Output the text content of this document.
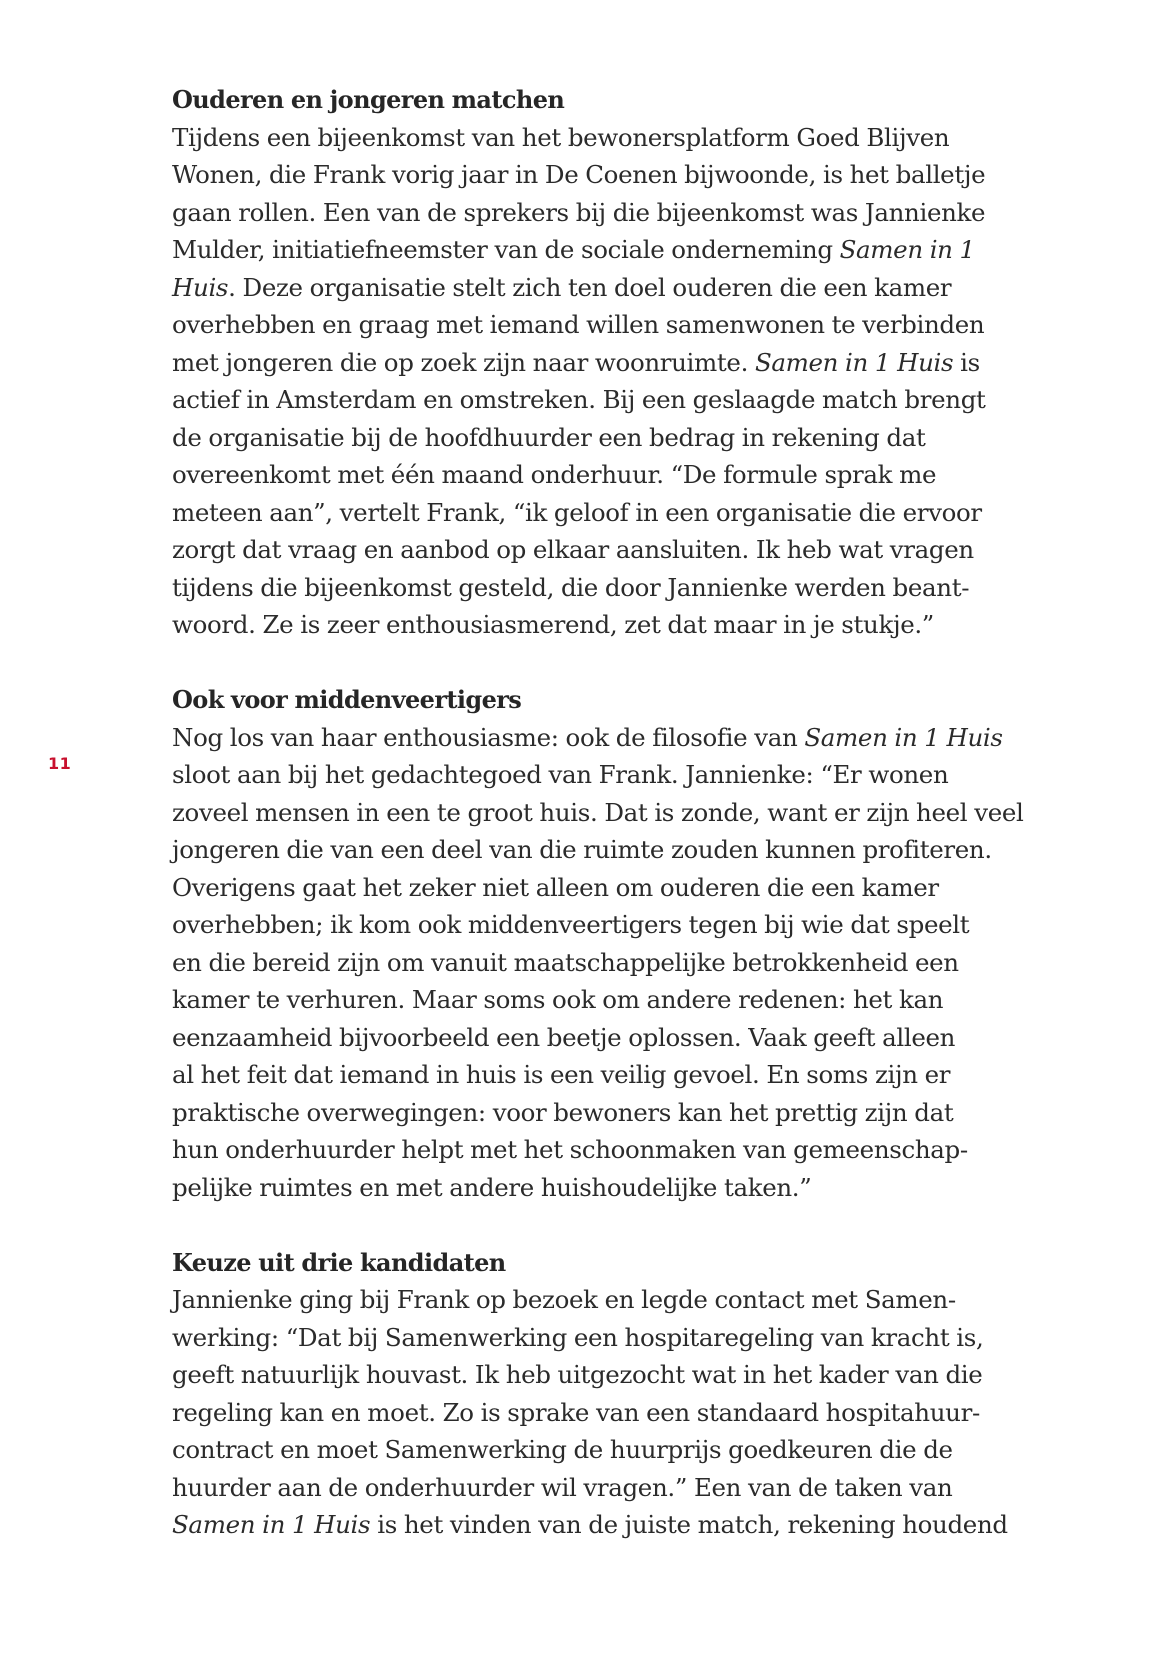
11
Ouderen en jongeren matchen
Tijdens een bijeenkomst van het bewonersplatform Goed Blijven
Wonen, die Frank vorig jaar in De Coenen bijwoonde, is het balletje
gaan rollen. Een van de sprekers bij die bijeenkomst was Jannienke
Mulder, initiatiefneemster van de sociale onderneming Samen in 1
Huis. Deze organisatie stelt zich ten doel ouderen die een kamer
overhebben en graag met iemand willen samenwonen te verbinden
met jongeren die op zoek zijn naar woonruimte. Samen in 1 Huis is
actief in Amsterdam en omstreken. Bij een geslaagde match brengt
de organisatie bij de hoofdhuurder een bedrag in rekening dat
overeenkomt met één maand onderhuur. “De formule sprak me
meteen aan”, vertelt Frank, “ik geloof in een organisatie die ervoor
zorgt dat vraag en aanbod op elkaar aansluiten. Ik heb wat vragen
tijdens die bijeenkomst gesteld, die door Jannienke werden beant-
woord. Ze is zeer enthousiasmerend, zet dat maar in je stukje.”
Ook voor middenveertigers
Nog los van haar enthousiasme: ook de filosofie van Samen in 1 Huis
sloot aan bij het gedachtegoed van Frank. Jannienke: “Er wonen
zoveel mensen in een te groot huis. Dat is zonde, want er zijn heel veel
jongeren die van een deel van die ruimte zouden kunnen profiteren.
Overigens gaat het zeker niet alleen om ouderen die een kamer
overhebben; ik kom ook middenveertigers tegen bij wie dat speelt
en die bereid zijn om vanuit maatschappelijke betrokkenheid een
kamer te verhuren. Maar soms ook om andere redenen: het kan
eenzaamheid bijvoorbeeld een beetje oplossen. Vaak geeft alleen
al het feit dat iemand in huis is een veilig gevoel. En soms zijn er
praktische overwegingen: voor bewoners kan het prettig zijn dat
hun onderhuurder helpt met het schoonmaken van gemeenschap-
pelijke ruimtes en met andere huishoudelijke taken.”
Keuze uit drie kandidaten
Jannienke ging bij Frank op bezoek en legde contact met Samen-
werking: “Dat bij Samenwerking een hospitaregeling van kracht is,
geeft natuurlijk houvast. Ik heb uitgezocht wat in het kader van die
regeling kan en moet. Zo is sprake van een standaard hospitahuur-
contract en moet Samenwerking de huurprijs goedkeuren die de
huurder aan de onderhuurder wil vragen.” Een van de taken van
Samen in 1 Huis is het vinden van de juiste match, rekening houdend
